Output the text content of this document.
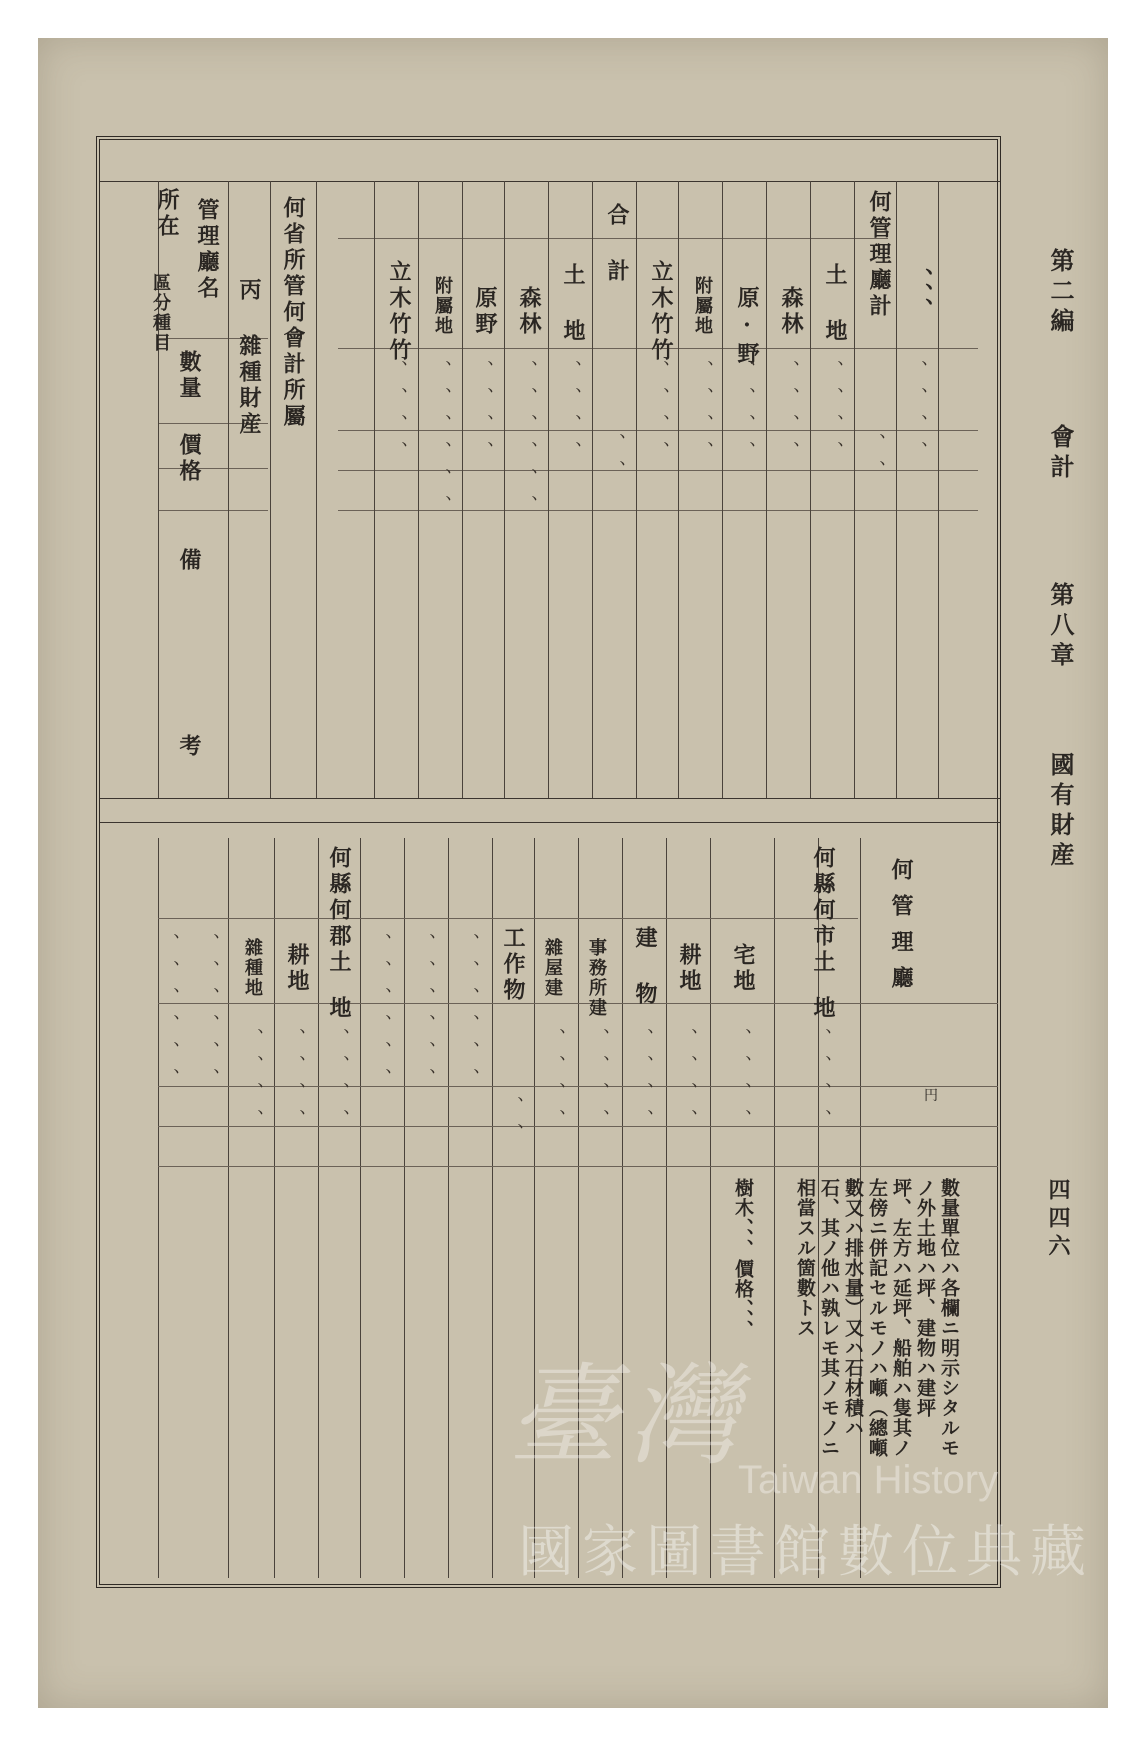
第二編  會計  第八章  國有財産
四四六
何管理廳計 、、、
土 地
森林
原·野
附屬地
立木竹竹
合 計
土 地
森林
原野
附屬地
立木竹竹
何省所管何會計所屬
丙 雜種財産
管理廳名
所在
區分種目
數量
價格
備考
、、、、
、、、、
、、、、
、、、、
、、、、
、、
、、、、
、、、、、、
、、、、
、、、、、、
、、、、	、、 、、、、
何管理廳
何縣何市土地
宅地
耕地
建 物
事務所建
雜屋建
工作物
何縣何郡土地
耕地
雜種地
円
、、、、
、、、、
、、、、
、、、、
、、、、
、、、、
、、
、、、、、、
、、、、、、
、、、、、、
、、、、
、、、、
、、、、
、、、、、、
、、、、、、
數量單位ハ各欄ニ明示シタルモ
ノ外土地ハ坪、建物ハ建坪
坪、左方ハ延坪、船舶ハ隻其ノ
左傍ニ併記セルモノハ噸（總噸
數又ハ排水量）又ハ石材積ハ
石、其ノ他ハ孰レモ其ノモノニ
相當スル箇數トス
樹木、、、價格、、、
臺灣
Taiwan History
國家圖書館數位典藏
